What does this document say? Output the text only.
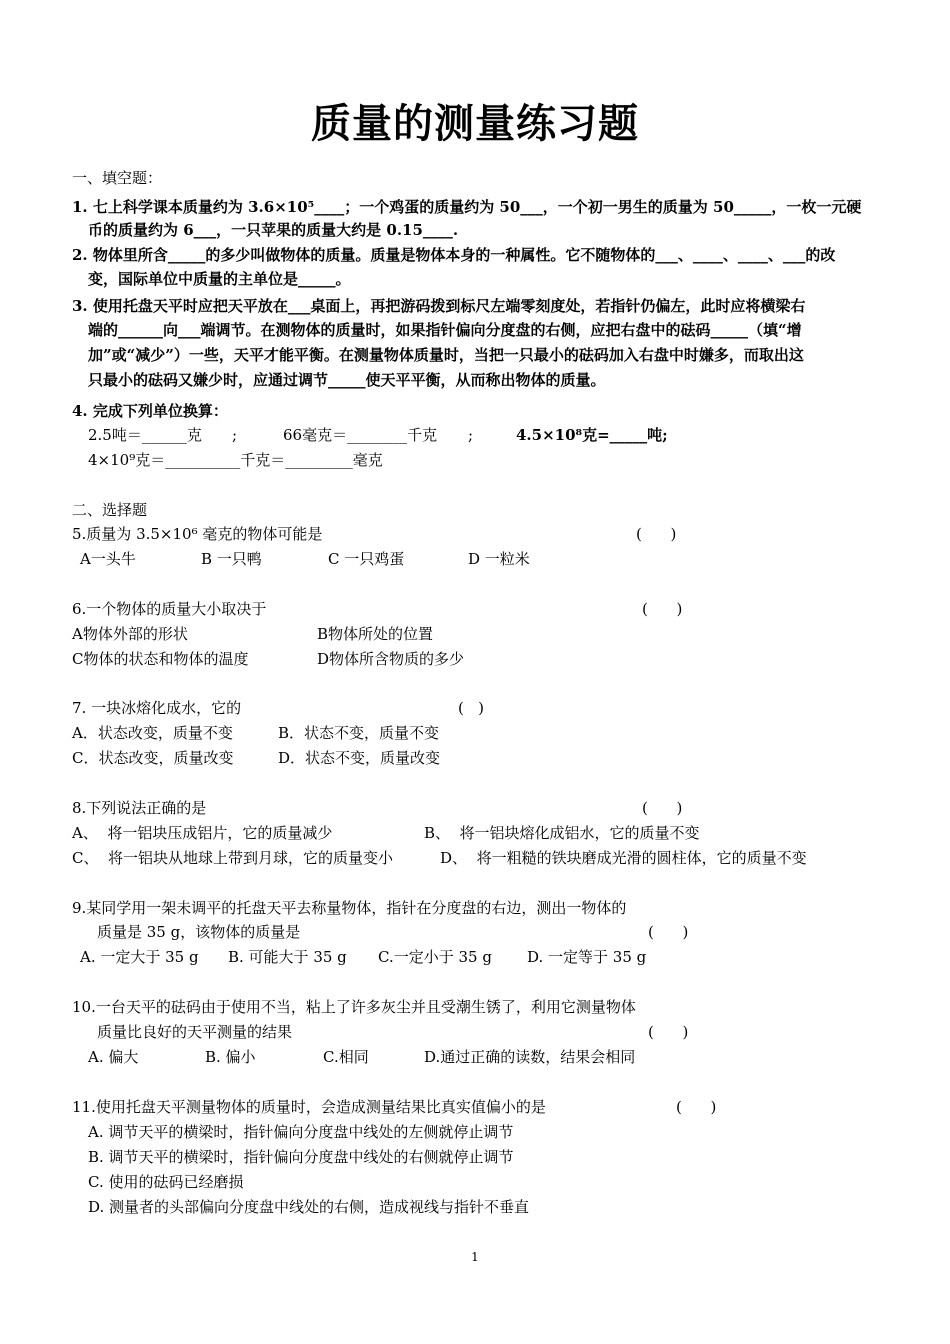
质量的测量练习题
一、填空题：
1. 七上科学课本质量约为 3.6×10⁵____；一个鸡蛋的质量约为 50___，一个初一男生的质量为 50_____，一枚一元硬
币的质量约为 6___，一只苹果的质量大约是 0.15____.
2. 物体里所含_____的多少叫做物体的质量。质量是物体本身的一种属性。它不随物体的___、____、____、___的改
变，国际单位中质量的主单位是_____。
3. 使用托盘天平时应把天平放在___桌面上，再把游码拨到标尺左端零刻度处，若指针仍偏左，此时应将横梁右
端的______向___端调节。在测物体的质量时，如果指针偏向分度盘的右侧，应把右盘中的砝码_____（填“增
加”或“减少”）一些，天平才能平衡。在测量物体质量时，当把一只最小的砝码加入右盘中时嫌多，而取出这
只最小的砝码又嫌少时，应通过调节_____使天平平衡，从而称出物体的质量。
4. 完成下列单位换算：
2.5吨＝______克 ;	66毫克＝________千克 ;	4.5×10⁸克=_____吨;
4×10⁹克＝__________千克＝_________毫克
二、选择题
5.质量为 3.5×10⁶ 毫克的物体可能是	(      )
A一头牛	B 一只鸭	C 一只鸡蛋	D 一粒米
6.一个物体的质量大小取决于	(      )
A物体外部的形状	B物体所处的位置
C物体的状态和物体的温度	D物体所含物质的多少
7. 一块冰熔化成水，它的	(   )
A．状态改变，质量不变	B．状态不变，质量不变
C．状态改变，质量改变	D．状态不变，质量改变
8.下列说法正确的是	(      )
A、  将一铝块压成铝片，它的质量减少	B、  将一铝块熔化成铝水，它的质量不变
C、  将一铝块从地球上带到月球，它的质量变小	D、  将一粗糙的铁块磨成光滑的圆柱体，它的质量不变
9.某同学用一架未调平的托盘天平去称量物体，指针在分度盘的右边，测出一物体的
质量是 35 g，该物体的质量是	(      )
A. 一定大于 35 g B. 可能大于 35 g C.一定小于 35 g D. 一定等于 35 g
10.一台天平的砝码由于使用不当，粘上了许多灰尘并且受潮生锈了，利用它测量物体
质量比良好的天平测量的结果	(      )
A. 偏大	B. 偏小	C.相同	D.通过正确的读数，结果会相同
11.使用托盘天平测量物体的质量时，会造成测量结果比真实值偏小的是	(      )
A. 调节天平的横梁时，指针偏向分度盘中线处的左侧就停止调节
B. 调节天平的横梁时，指针偏向分度盘中线处的右侧就停止调节
C. 使用的砝码已经磨损
D. 测量者的头部偏向分度盘中线处的右侧，造成视线与指针不垂直
1
